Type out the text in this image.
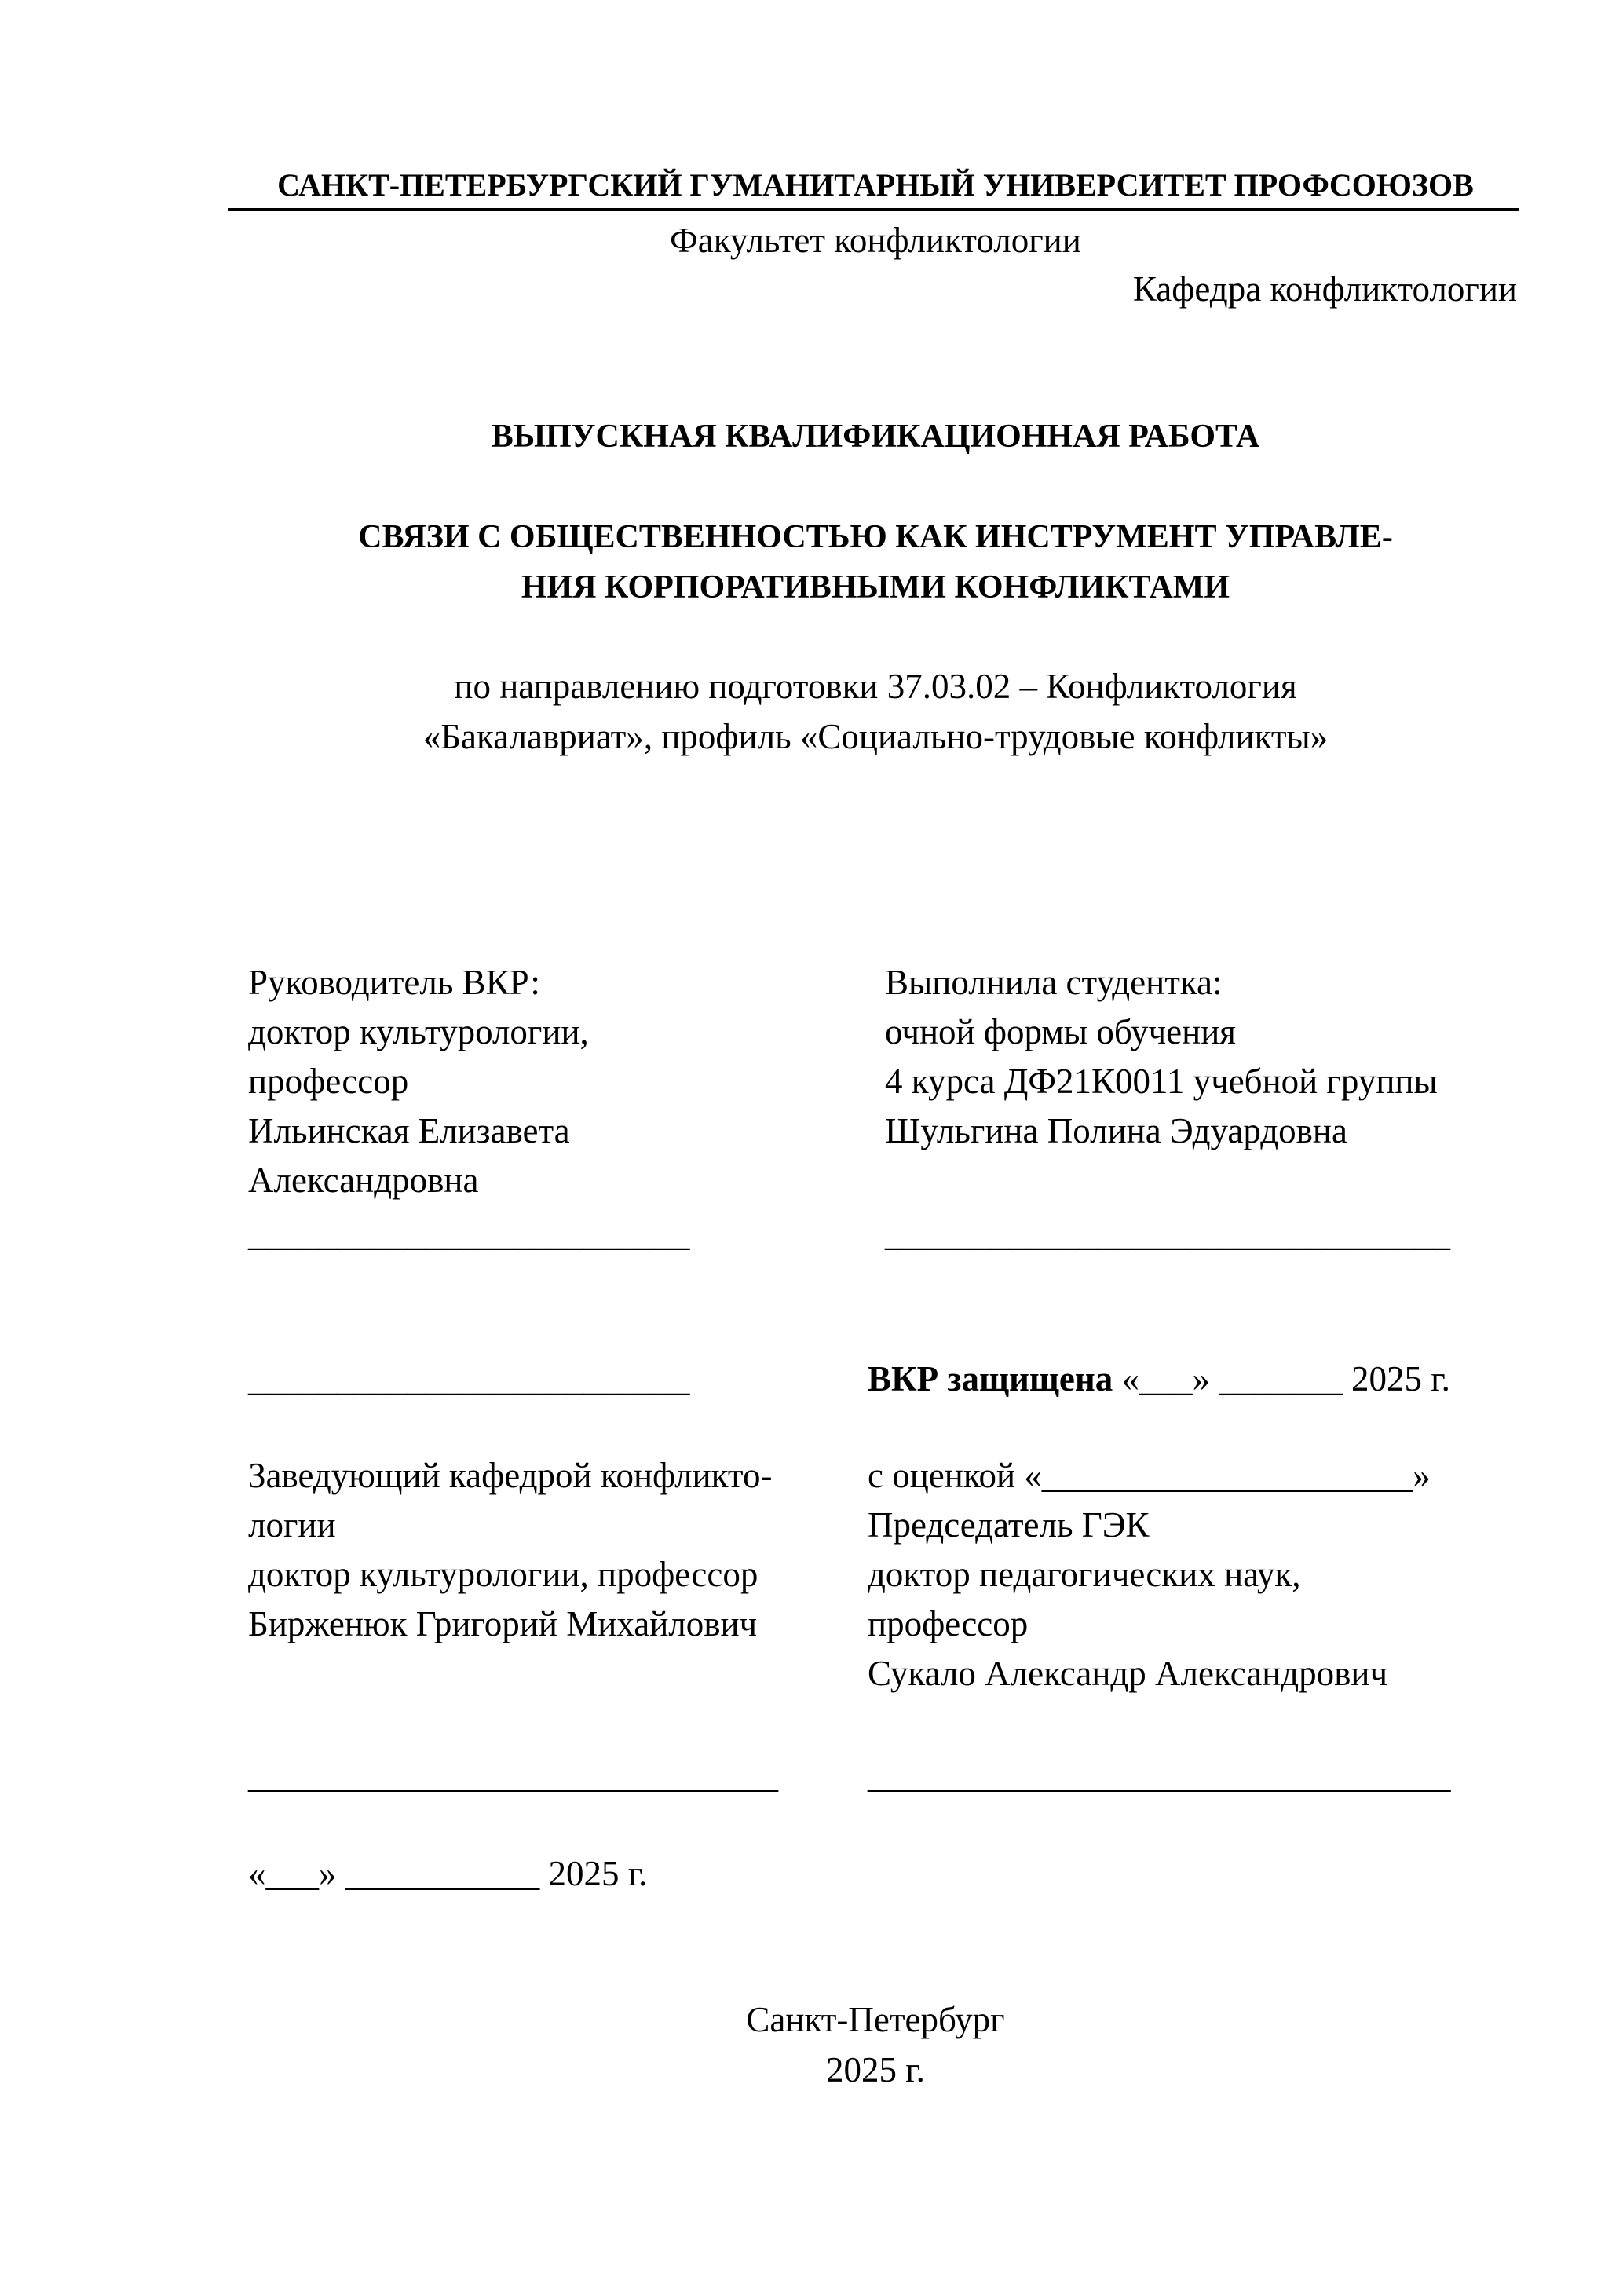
САНКТ-ПЕТЕРБУРГСКИЙ ГУМАНИТАРНЫЙ УНИВЕРСИТЕТ ПРОФСОЮЗОВ
Факультет конфликтологии
Кафедра конфликтологии
ВЫПУСКНАЯ КВАЛИФИКАЦИОННАЯ РАБОТА
СВЯЗИ С ОБЩЕСТВЕННОСТЬЮ КАК ИНСТРУМЕНТ УПРАВЛЕ-
НИЯ КОРПОРАТИВНЫМИ КОНФЛИКТАМИ
по направлению подготовки 37.03.02 – Конфликтология
«Бакалавриат», профиль «Социально-трудовые конфликты»
Руководитель ВКР:
доктор культурологии,
профессор
Ильинская Елизавета
Александровна
_________________________
Выполнила студентка:
очной формы обучения
4 курса ДФ21К0011 учебной группы
Шульгина Полина Эдуардовна
________________________________
_________________________	ВКР защищена «___» _______ 2025 г.
Заведующий кафедрой конфликто-
логии
доктор культурологии, профессор
Бирженюк Григорий Михайлович
______________________________
«___» ___________ 2025 г.
с оценкой «_____________________»
Председатель ГЭК
доктор педагогических наук,
профессор
Сукало Александр Александрович
_________________________________
Санкт-Петербург
2025 г.
